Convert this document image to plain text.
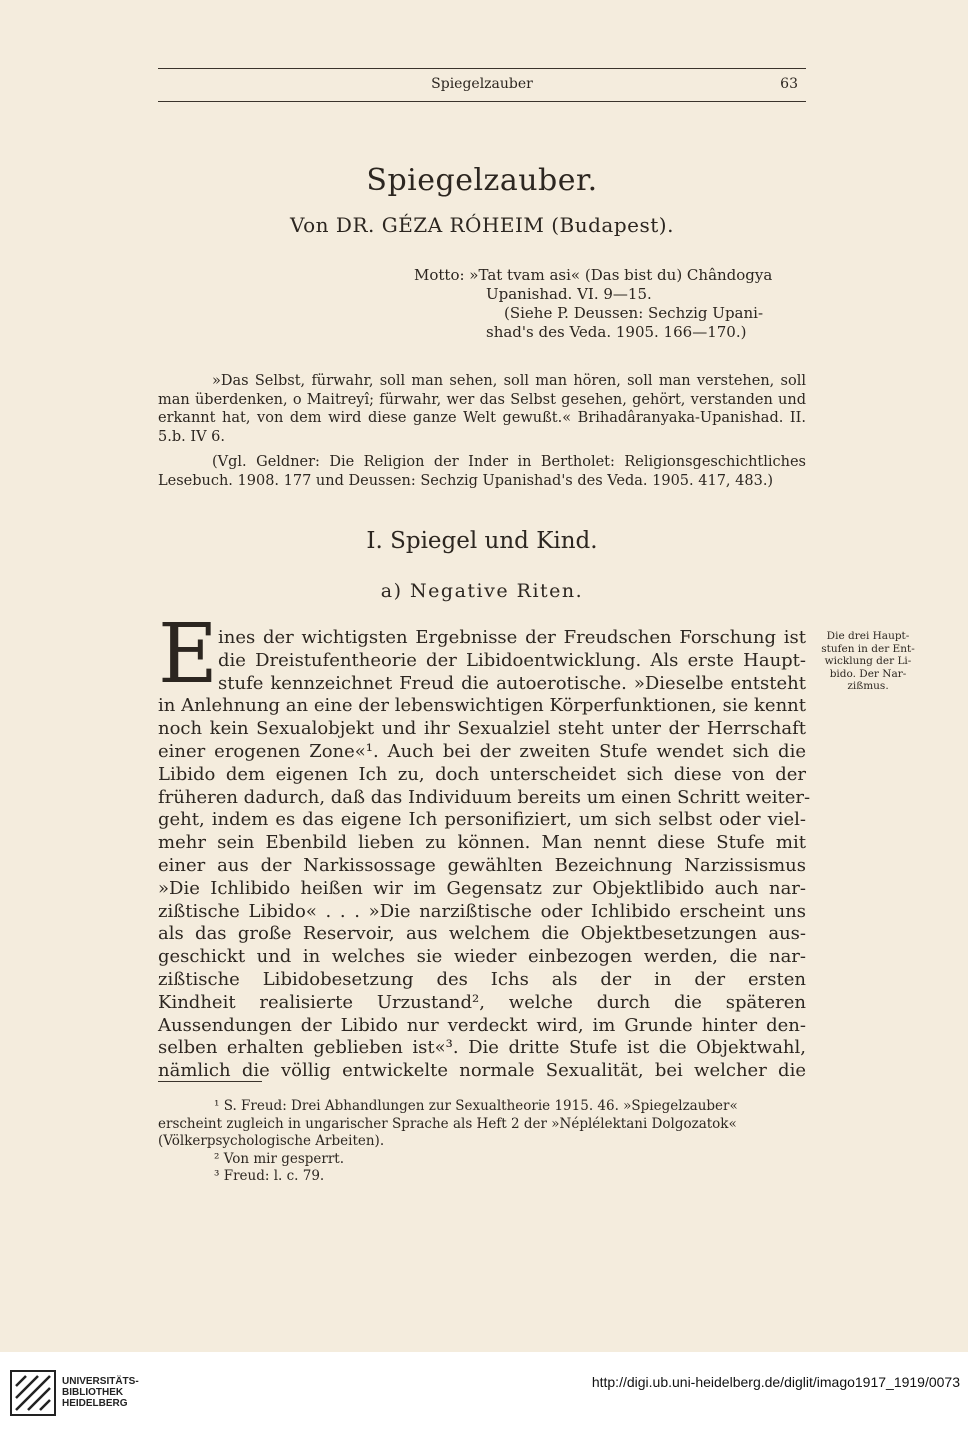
Spiegelzauber	63
Spiegelzauber.
Von DR. GÉZA RÓHEIM (Budapest).
Motto: »Tat tvam asi« (Das bist du) Chândogya
Upanishad. VI. 9—15.
(Siehe P. Deussen: Sechzig Upani-
shad's des Veda. 1905. 166—170.)
»Das Selbst, fürwahr, soll man sehen, soll man hören, soll man verstehen, soll man überdenken, o Maitreyî; fürwahr, wer das Selbst gesehen, gehört, verstanden und erkannt hat, von dem wird diese ganze Welt gewußt.« Brihadâranyaka-Upanishad. II. 5.b. IV 6.
(Vgl. Geldner: Die Religion der Inder in Bertholet: Religionsgeschichtliches Lesebuch. 1908. 177 und Deussen: Sechzig Upanishad's des Veda. 1905. 417, 483.)
I. Spiegel und Kind.
a) Negative Riten.
E ines der wichtigsten Ergebnisse der Freudschen Forschung ist
die Dreistufentheorie der Libidoentwicklung. Als erste Haupt-
stufe kennzeichnet Freud die autoerotische. »Dieselbe entsteht
in Anlehnung an eine der lebenswichtigen Körperfunktionen, sie kennt
noch kein Sexualobjekt und ihr Sexualziel steht unter der Herrschaft
einer erogenen Zone«¹. Auch bei der zweiten Stufe wendet sich die
Libido dem eigenen Ich zu, doch unterscheidet sich diese von der
früheren dadurch, daß das Individuum bereits um einen Schritt weiter-
geht, indem es das eigene Ich personifiziert, um sich selbst oder viel-
mehr sein Ebenbild lieben zu können. Man nennt diese Stufe mit
einer aus der Narkissossage gewählten Bezeichnung Narzissismus
»Die Ichlibido heißen wir im Gegensatz zur Objektlibido auch nar-
zißtische Libido« . . . »Die narzißtische oder Ichlibido erscheint uns
als das große Reservoir, aus welchem die Objektbesetzungen aus-
geschickt und in welches sie wieder einbezogen werden, die nar-
zißtische Libidobesetzung des Ichs als der in der ersten
Kindheit realisierte Urzustand², welche durch die späteren
Aussendungen der Libido nur verdeckt wird, im Grunde hinter den-
selben erhalten geblieben ist«³. Die dritte Stufe ist die Objektwahl,
nämlich die völlig entwickelte normale Sexualität, bei welcher die
Die drei Haupt-stufen in der Ent-wicklung der Li-bido. Der Nar-zißmus.
¹ S. Freud: Drei Abhandlungen zur Sexualtheorie 1915. 46. »Spiegelzauber«
erscheint zugleich in ungarischer Sprache als Heft 2 der »Néplélektani Dolgozatok«
(Völkerpsychologische Arbeiten).
² Von mir gesperrt.
³ Freud: l. c. 79.
UNIVERSITÄTS-
BIBLIOTHEK
HEIDELBERG
http://digi.ub.uni-heidelberg.de/diglit/imago1917_1919/0073
